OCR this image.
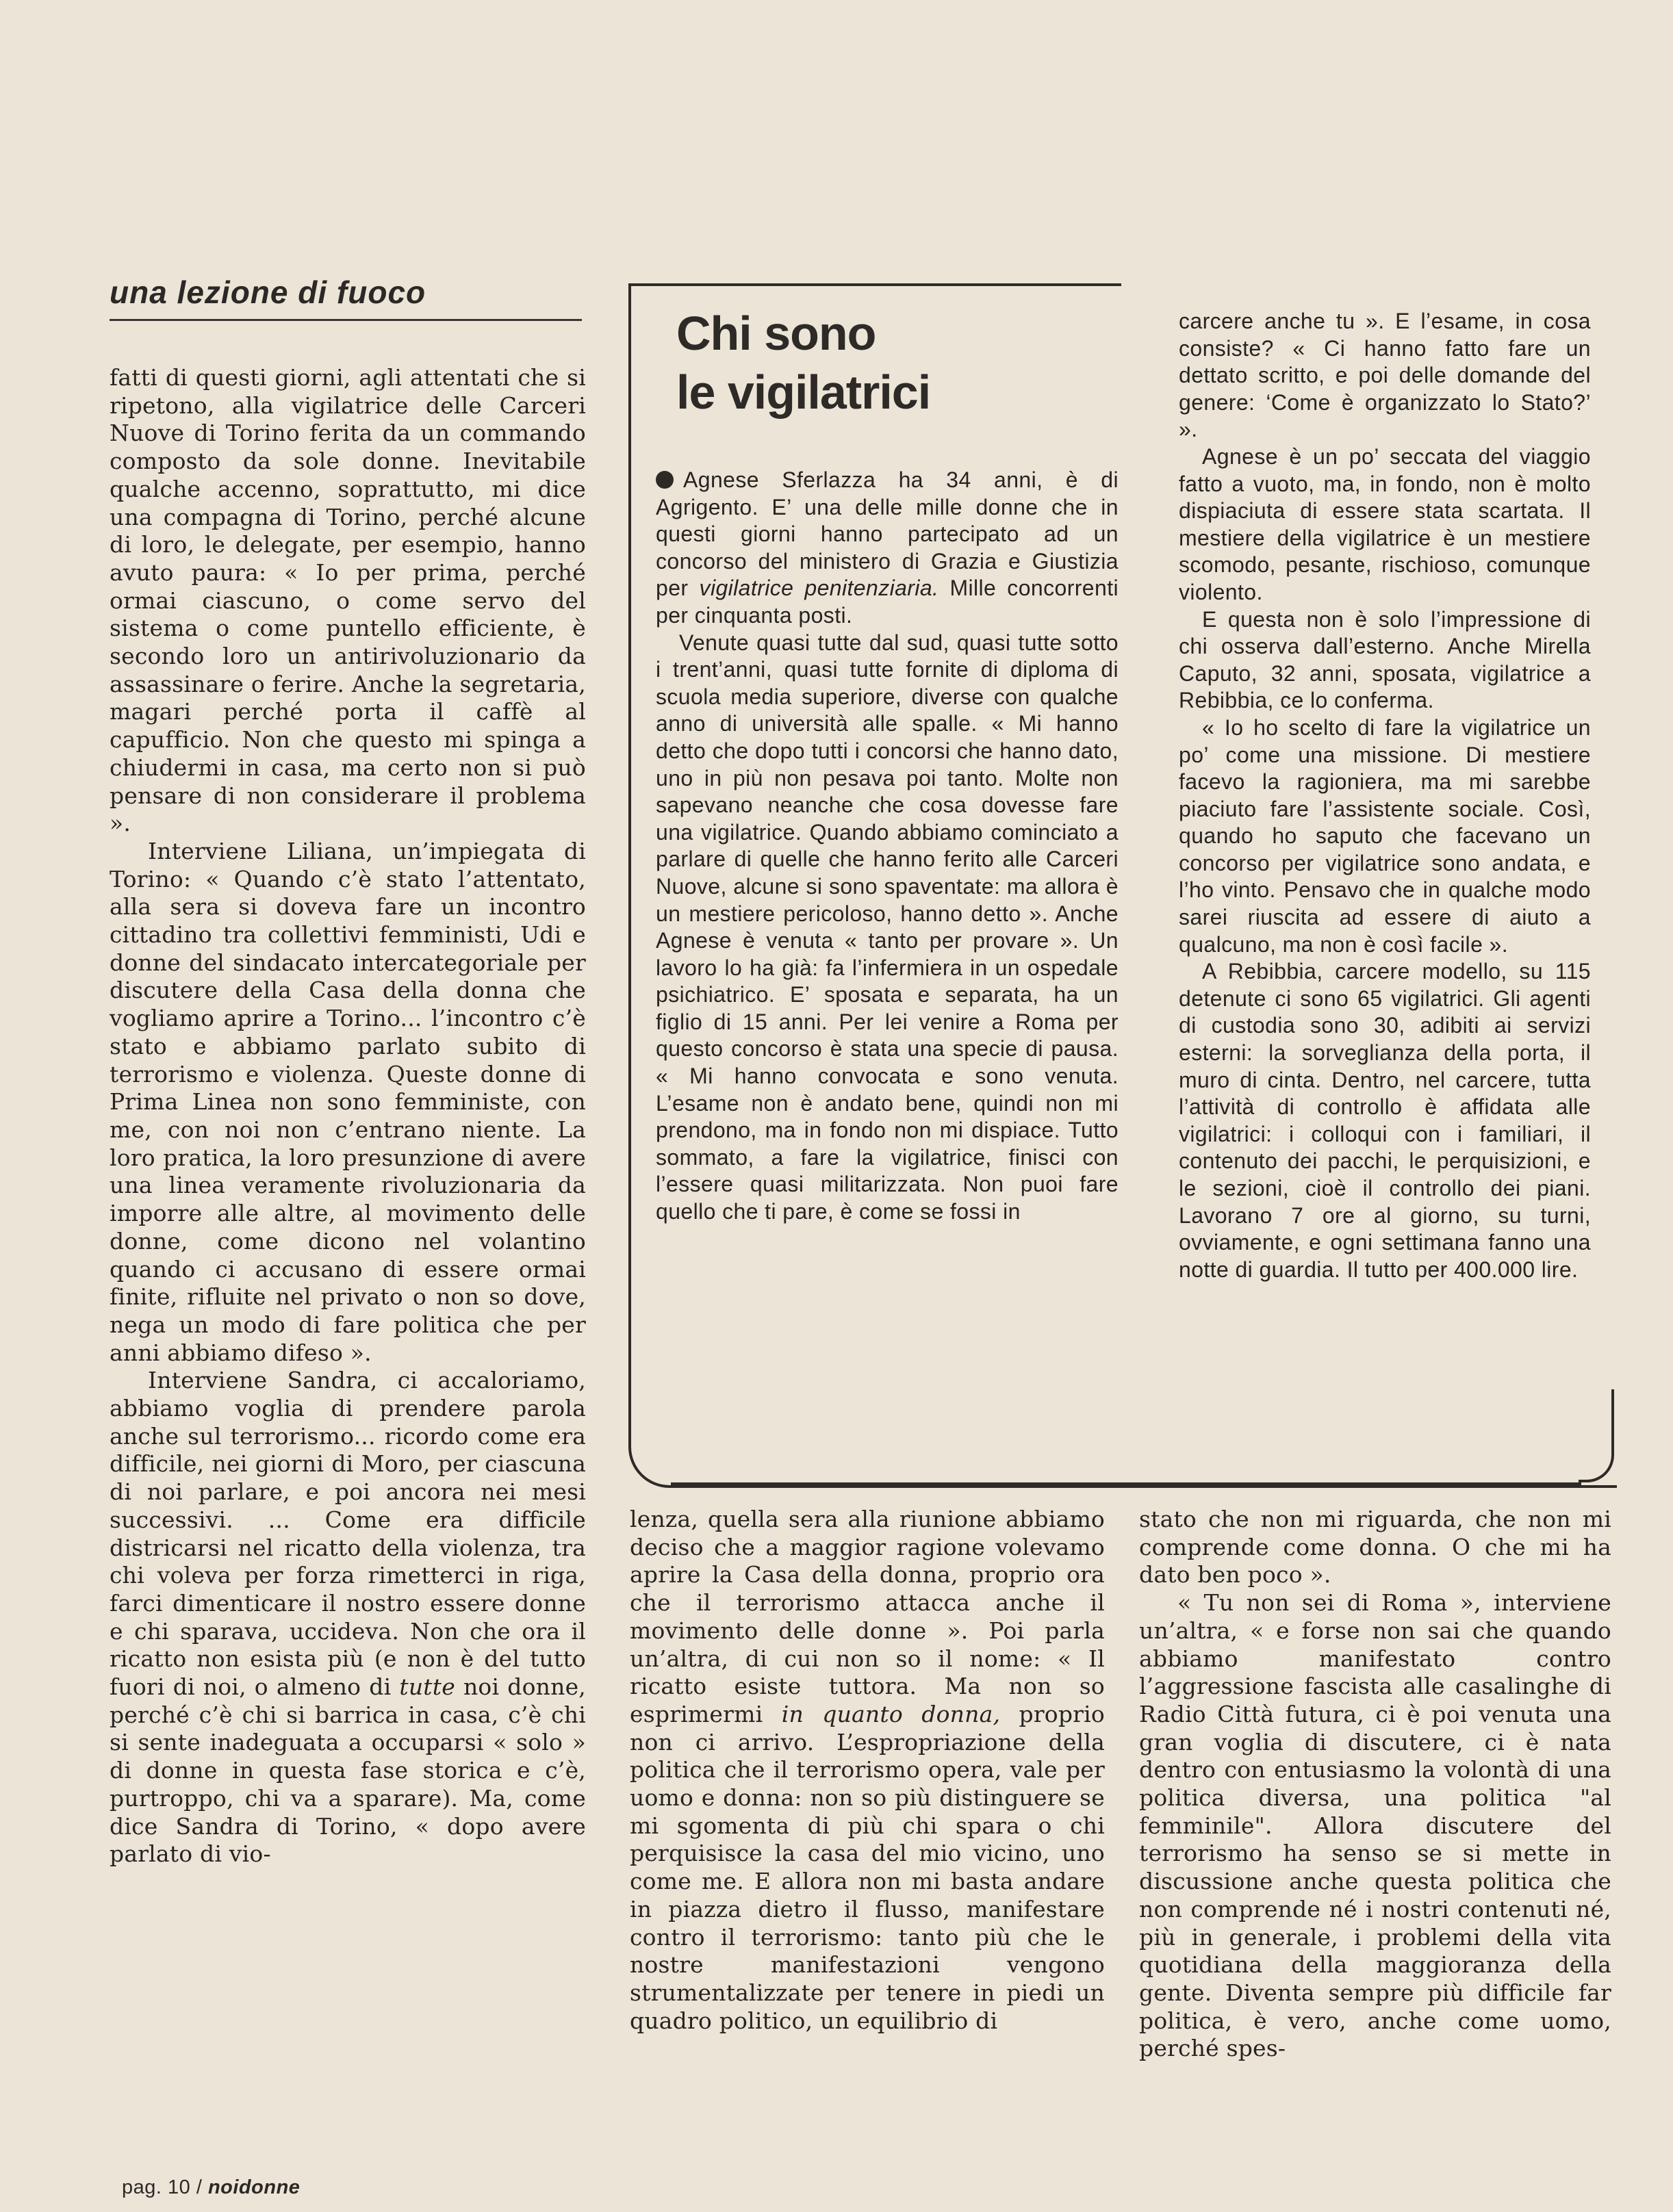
una lezione di fuoco
Chi sono
le vigilatrici

Agnese Sferlazza ha 34 anni, è di Agrigento. E’ una delle mille donne che in questi giorni hanno partecipato ad un concorso del ministero di Grazia e Giustizia per vigilatrice penitenziaria. Mille concorrenti per cinquanta posti.

Venute quasi tutte dal sud, quasi tutte sotto i trent’anni, quasi tutte fornite di diploma di scuola media superiore, diverse con qualche anno di università alle spalle. « Mi hanno detto che dopo tutti i concorsi che hanno dato, uno in più non pesava poi tanto. Molte non sapevano neanche che cosa dovesse fare una vigilatrice. Quando abbiamo cominciato a parlare di quelle che hanno ferito alle Carceri Nuove, alcune si sono spaventate: ma allora è un mestiere pericoloso, hanno detto ». Anche Agnese è venuta « tanto per provare ». Un lavoro lo ha già: fa l’infermiera in un ospedale psichiatrico. E’ sposata e separata, ha un figlio di 15 anni. Per lei venire a Roma per questo concorso è stata una specie di pausa. « Mi hanno convocata e sono venuta. L’esame non è andato bene, quindi non mi prendono, ma in fondo non mi dispiace. Tutto sommato, a fare la vigilatrice, finisci con l’essere quasi militarizzata. Non puoi fare quello che ti pare, è come se fossi in

carcere anche tu ». E l’esame, in cosa consiste? « Ci hanno fatto fare un dettato scritto, e poi delle domande del genere: ‘Come è organizzato lo Stato?’ ».

Agnese è un po’ seccata del viaggio fatto a vuoto, ma, in fondo, non è molto dispiaciuta di essere stata scartata. Il mestiere della vigilatrice è un mestiere scomodo, pesante, rischioso, comunque violento.

E questa non è solo l’impressione di chi osserva dall’esterno. Anche Mirella Caputo, 32 anni, sposata, vigilatrice a Rebibbia, ce lo conferma.

« Io ho scelto di fare la vigilatrice un po’ come una missione. Di mestiere facevo la ragioniera, ma mi sarebbe piaciuto fare l’assistente sociale. Così, quando ho saputo che facevano un concorso per vigilatrice sono andata, e l’ho vinto. Pensavo che in qualche modo sarei riuscita ad essere di aiuto a qualcuno, ma non è così facile ».

A Rebibbia, carcere modello, su 115 detenute ci sono 65 vigilatrici. Gli agenti di custodia sono 30, adibiti ai servizi esterni: la sorveglianza della porta, il muro di cinta. Dentro, nel carcere, tutta l’attività di controllo è affidata alle vigilatrici: i colloqui con i familiari, il contenuto dei pacchi, le perquisizioni, e le sezioni, cioè il controllo dei piani. Lavorano 7 ore al giorno, su turni, ovviamente, e ogni settimana fanno una notte di guardia. Il tutto per 400.000 lire.

fatti di questi giorni, agli attentati che si ripetono, alla vigilatrice delle Carceri Nuove di Torino ferita da un commando composto da sole donne. Inevitabile qualche accenno, soprattutto, mi dice una compagna di Torino, perché alcune di loro, le delegate, per esempio, hanno avuto paura: « Io per prima, perché ormai ciascuno, o come servo del sistema o come puntello efficiente, è secondo loro un antirivoluzionario da assassinare o ferire. Anche la segretaria, magari perché porta il caffè al capufficio. Non che questo mi spinga a chiudermi in casa, ma certo non si può pensare di non considerare il problema ».

Interviene Liliana, un’impiegata di Torino: « Quando c’è stato l’attentato, alla sera si doveva fare un incontro cittadino tra collettivi femministi, Udi e donne del sindacato intercategoriale per discutere della Casa della donna che vogliamo aprire a Torino... l’incontro c’è stato e abbiamo parlato subito di terrorismo e violenza. Queste donne di Prima Linea non sono femministe, con me, con noi non c’entrano niente. La loro pratica, la loro presunzione di avere una linea veramente rivoluzionaria da imporre alle altre, al movimento delle donne, come dicono nel volantino quando ci accusano di essere ormai finite, rifluite nel privato o non so dove, nega un modo di fare politica che per anni abbiamo difeso ».

Interviene Sandra, ci accaloriamo, abbiamo voglia di prendere parola anche sul terrorismo... ricordo come era difficile, nei giorni di Moro, per ciascuna di noi parlare, e poi ancora nei mesi successivi. ... Come era difficile districarsi nel ricatto della violenza, tra chi voleva per forza rimetterci in riga, farci dimenticare il nostro essere donne e chi sparava, uccideva. Non che ora il ricatto non esista più (e non è del tutto fuori di noi, o almeno di tutte noi donne, perché c’è chi si barrica in casa, c’è chi si sente inadeguata a occuparsi « solo » di donne in questa fase storica e c’è, purtroppo, chi va a sparare). Ma, come dice Sandra di Torino, « dopo avere parlato di vio-

lenza, quella sera alla riunione abbiamo deciso che a maggior ragione volevamo aprire la Casa della donna, proprio ora che il terrorismo attacca anche il movimento delle donne ». Poi parla un’altra, di cui non so il nome: « Il ricatto esiste tuttora. Ma non so esprimermi in quanto donna, proprio non ci arrivo. L’espropriazione della politica che il terrorismo opera, vale per uomo e donna: non so più distinguere se mi sgomenta di più chi spara o chi perquisisce la casa del mio vicino, uno come me. E allora non mi basta andare in piazza dietro il flusso, manifestare contro il terrorismo: tanto più che le nostre manifestazioni vengono strumentalizzate per tenere in piedi un quadro politico, un equilibrio di

stato che non mi riguarda, che non mi comprende come donna. O che mi ha dato ben poco ».

« Tu non sei di Roma », interviene un’altra, « e forse non sai che quando abbiamo manifestato contro l’aggressione fascista alle casalinghe di Radio Città futura, ci è poi venuta una gran voglia di discutere, ci è nata dentro con entusiasmo la volontà di una politica diversa, una politica "al femminile". Allora discutere del terrorismo ha senso se si mette in discussione anche questa politica che non comprende né i nostri contenuti né, più in generale, i problemi della vita quotidiana della maggioranza della gente. Diventa sempre più difficile far politica, è vero, anche come uomo, perché spes-

pag. 10 / noidonne
